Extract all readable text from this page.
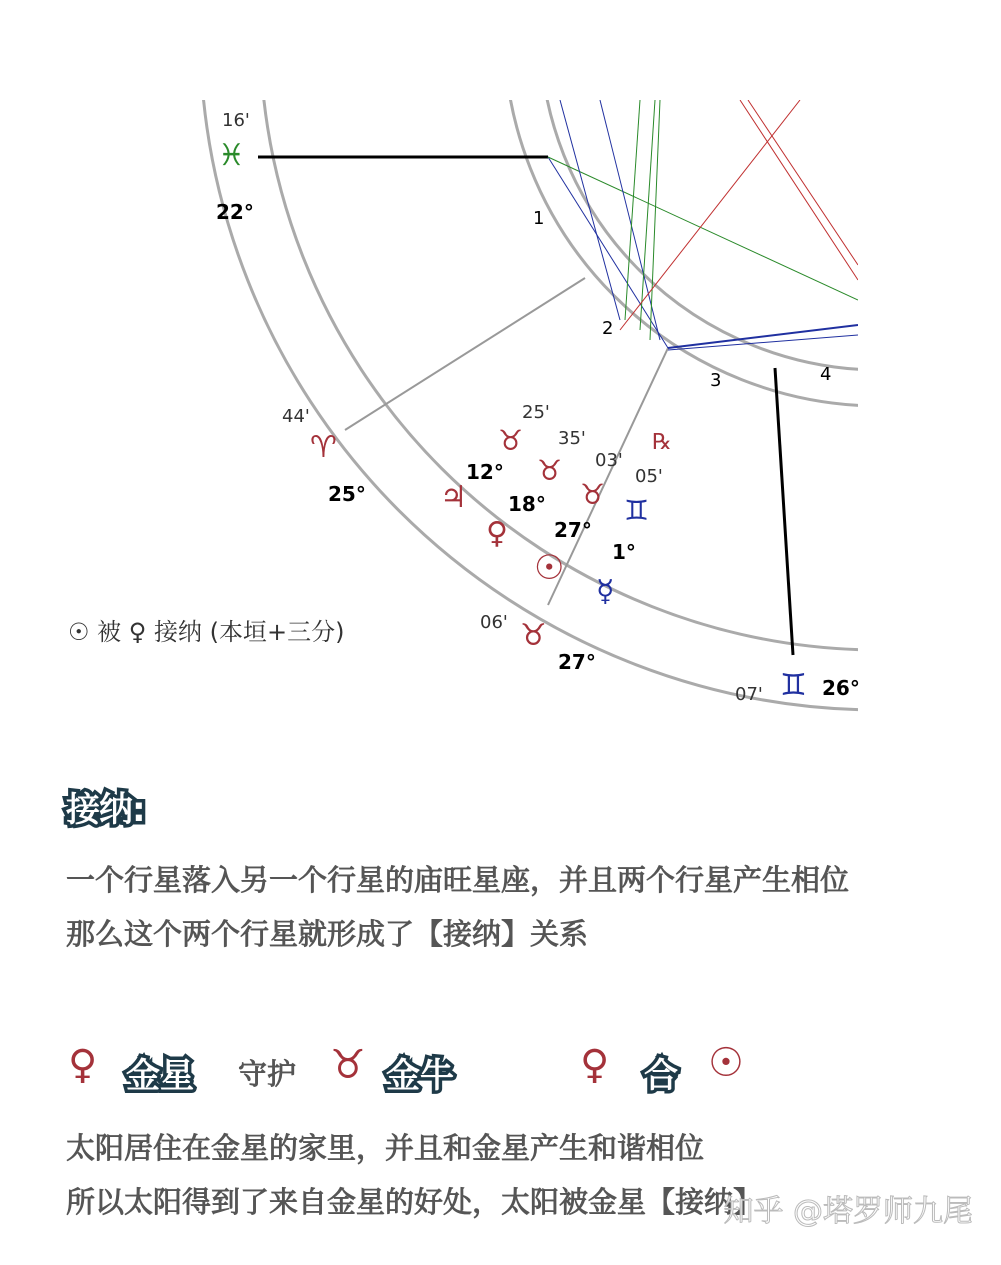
16'
♓
22°
44'
♈
25°
06' ♉
27°
07' ♊ 26°
1
2
3	4
25'
♉
12°
35'
♉
18°
03'
♉
27°
℞
05'
♊
1°
♃
♀
☉
☿
☉ 被 ♀ 接纳 (本垣+三分)
接纳:
一个行星落入另一个行星的庙旺星座，并且两个行星产生相位
那么这个两个行星就形成了【接纳】关系
♀ 金星 守护 ♉ 金牛	♀ 合 ☉
太阳居住在金星的家里，并且和金星产生和谐相位
所以太阳得到了来自金星的好处，太阳被金星【接纳】
知乎 @塔罗师九尾
